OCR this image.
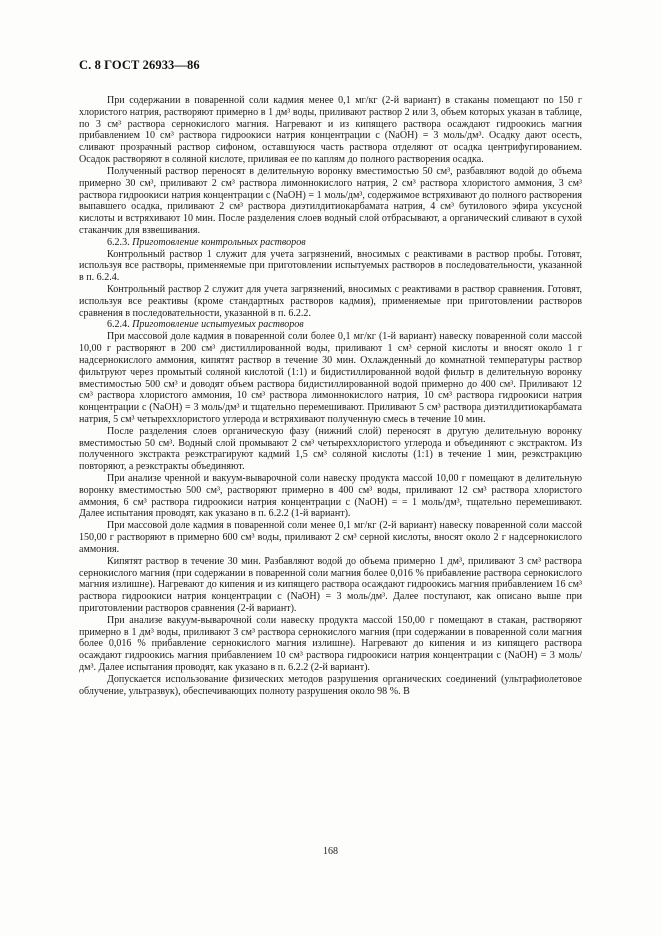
С. 8 ГОСТ 26933—86

При содержании в поваренной соли кадмия менее 0,1 мг/кг (2-й вариант) в стаканы помещают по 150 г хлористого натрия, растворяют примерно в 1 дм³ воды, приливают раствор 2 или 3, объем которых указан в таблице, по 3 см³ раствора сернокислого магния. Нагревают и из кипящего раствора осаждают гидроокись магния прибавлением 10 см³ раствора гидроокиси натрия концентрации c (NaOH) = 3 моль/дм³. Осадку дают осесть, сливают прозрачный раствор сифоном, оставшуюся часть раствора отделяют от осадка центрифугированием. Осадок растворяют в соляной кислоте, приливая ее по каплям до полного растворения осадка.

Полученный раствор переносят в делительную воронку вместимостью 50 см³, разбавляют водой до объема примерно 30 см³, приливают 2 см³ раствора лимоннокислого натрия, 2 см³ раствора хлористого аммония, 3 см³ раствора гидроокиси натрия концентрации c (NaOH) = 1 моль/дм³, содержимое встряхивают до полного растворения выпавшего осадка, приливают 2 см³ раствора диэтилдитиокарбамата натрия, 4 см³ бутилового эфира уксусной кислоты и встряхивают 10 мин. После разделения слоев водный слой отбрасывают, а органический сливают в сухой стаканчик для взвешивания.

6.2.3. Приготовление контрольных растворов

Контрольный раствор 1 служит для учета загрязнений, вносимых с реактивами в раствор пробы. Готовят, используя все растворы, применяемые при приготовлении испытуемых растворов в последовательности, указанной в п. 6.2.4.

Контрольный раствор 2 служит для учета загрязнений, вносимых с реактивами в раствор сравнения. Готовят, используя все реактивы (кроме стандартных растворов кадмия), применяемые при приготовлении растворов сравнения в последовательности, указанной в п. 6.2.2.

6.2.4. Приготовление испытуемых растворов

При массовой доле кадмия в поваренной соли более 0,1 мг/кг (1-й вариант) навеску поваренной соли массой 10,00 г растворяют в 200 см³ дистиллированной воды, приливают 1 см³ серной кислоты и вносят около 1 г надсернокислого аммония, кипятят раствор в течение 30 мин. Охлажденный до комнатной температуры раствор фильтруют через промытый соляной кислотой (1:1) и бидистиллированной водой фильтр в делительную воронку вместимостью 500 см³ и доводят объем раствора бидистиллированной водой примерно до 400 см³. Приливают 12 см³ раствора хлористого аммония, 10 см³ раствора лимоннокислого натрия, 10 см³ раствора гидроокиси натрия концентрации c (NaOH) = 3 моль/дм³ и тщательно перемешивают. Приливают 5 см³ раствора диэтилдитиокарбамата натрия, 5 см³ четыреххлористого углерода и встряхивают полученную смесь в течение 10 мин.

После разделения слоев органическую фазу (нижний слой) переносят в другую делительную воронку вместимостью 50 см³. Водный слой промывают 2 см³ четыреххлористого углерода и объединяют с экстрактом. Из полученного экстракта реэкстрагируют кадмий 1,5 см³ соляной кислоты (1:1) в течение 1 мин, реэкстракцию повторяют, а реэкстракты объединяют.

При анализе чренной и вакуум-выварочной соли навеску продукта массой 10,00 г помещают в делительную воронку вместимостью 500 см³, растворяют примерно в 400 см³ воды, приливают 12 см³ раствора хлористого аммония, 6 см³ раствора гидроокиси натрия концентрации c (NaOH) = = 1 моль/дм³, тщательно перемешивают. Далее испытания проводят, как указано в п. 6.2.2 (1-й вариант).

При массовой доле кадмия в поваренной соли менее 0,1 мг/кг (2-й вариант) навеску поваренной соли массой 150,00 г растворяют в примерно 600 см³ воды, приливают 2 см³ серной кислоты, вносят около 2 г надсернокислого аммония.

Кипятят раствор в течение 30 мин. Разбавляют водой до объема примерно 1 дм³, приливают 3 см³ раствора сернокислого магния (при содержании в поваренной соли магния более 0,016 % прибавление раствора сернокислого магния излишне). Нагревают до кипения и из кипящего раствора осаждают гидроокись магния прибавлением 16 см³ раствора гидроокиси натрия концентрации c (NaOH) = 3 моль/дм³. Далее поступают, как описано выше при приготовлении растворов сравнения (2-й вариант).

При анализе вакуум-выварочной соли навеску продукта массой 150,00 г помещают в стакан, растворяют примерно в 1 дм³ воды, приливают 3 см³ раствора сернокислого магния (при содержании в поваренной соли магния более 0,016 % прибавление сернокислого магния излишне). Нагревают до кипения и из кипящего раствора осаждают гидроокись магния прибавлением 10 см³ раствора гидроокиси натрия концентрации c (NaOH) = 3 моль/дм³. Далее испытания проводят, как указано в п. 6.2.2 (2-й вариант).

Допускается использование физических методов разрушения органических соединений (ультрафиолетовое облучение, ультразвук), обеспечивающих полноту разрушения около 98 %. В

168
